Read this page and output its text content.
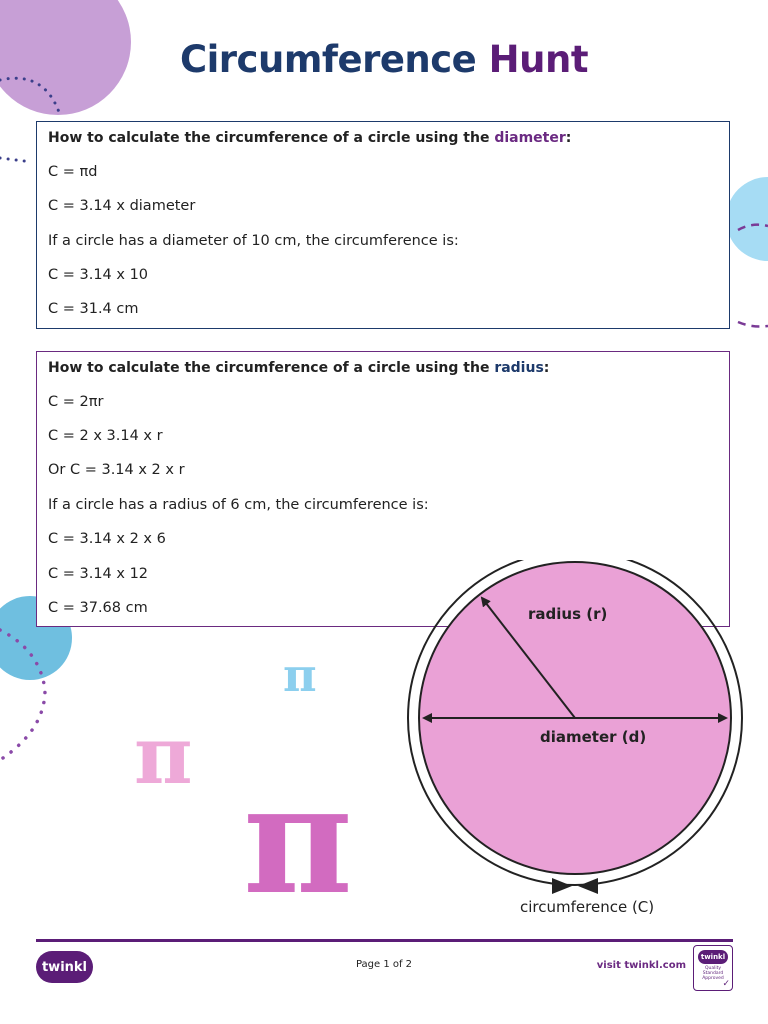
Circumference Hunt
How to calculate the circumference of a circle using the diameter:
C = πd
C = 3.14 x diameter
If a circle has a diameter of 10 cm, the circumference is:
C = 3.14 x 10
C = 31.4 cm
How to calculate the circumference of a circle using the radius:
C = 2πr
C = 2 x 3.14 x r
Or C = 3.14 x 2 x r
If a circle has a radius of 6 cm, the circumference is:
C = 3.14 x 2 x 6
C = 3.14 x 12
C = 37.68 cm	radius (r)
diameter (d)
circumference (C)
π
π π
twinkl	Page 1 of 2	visit twinkl.com
twinkl
Quality Standard Approved
✓
